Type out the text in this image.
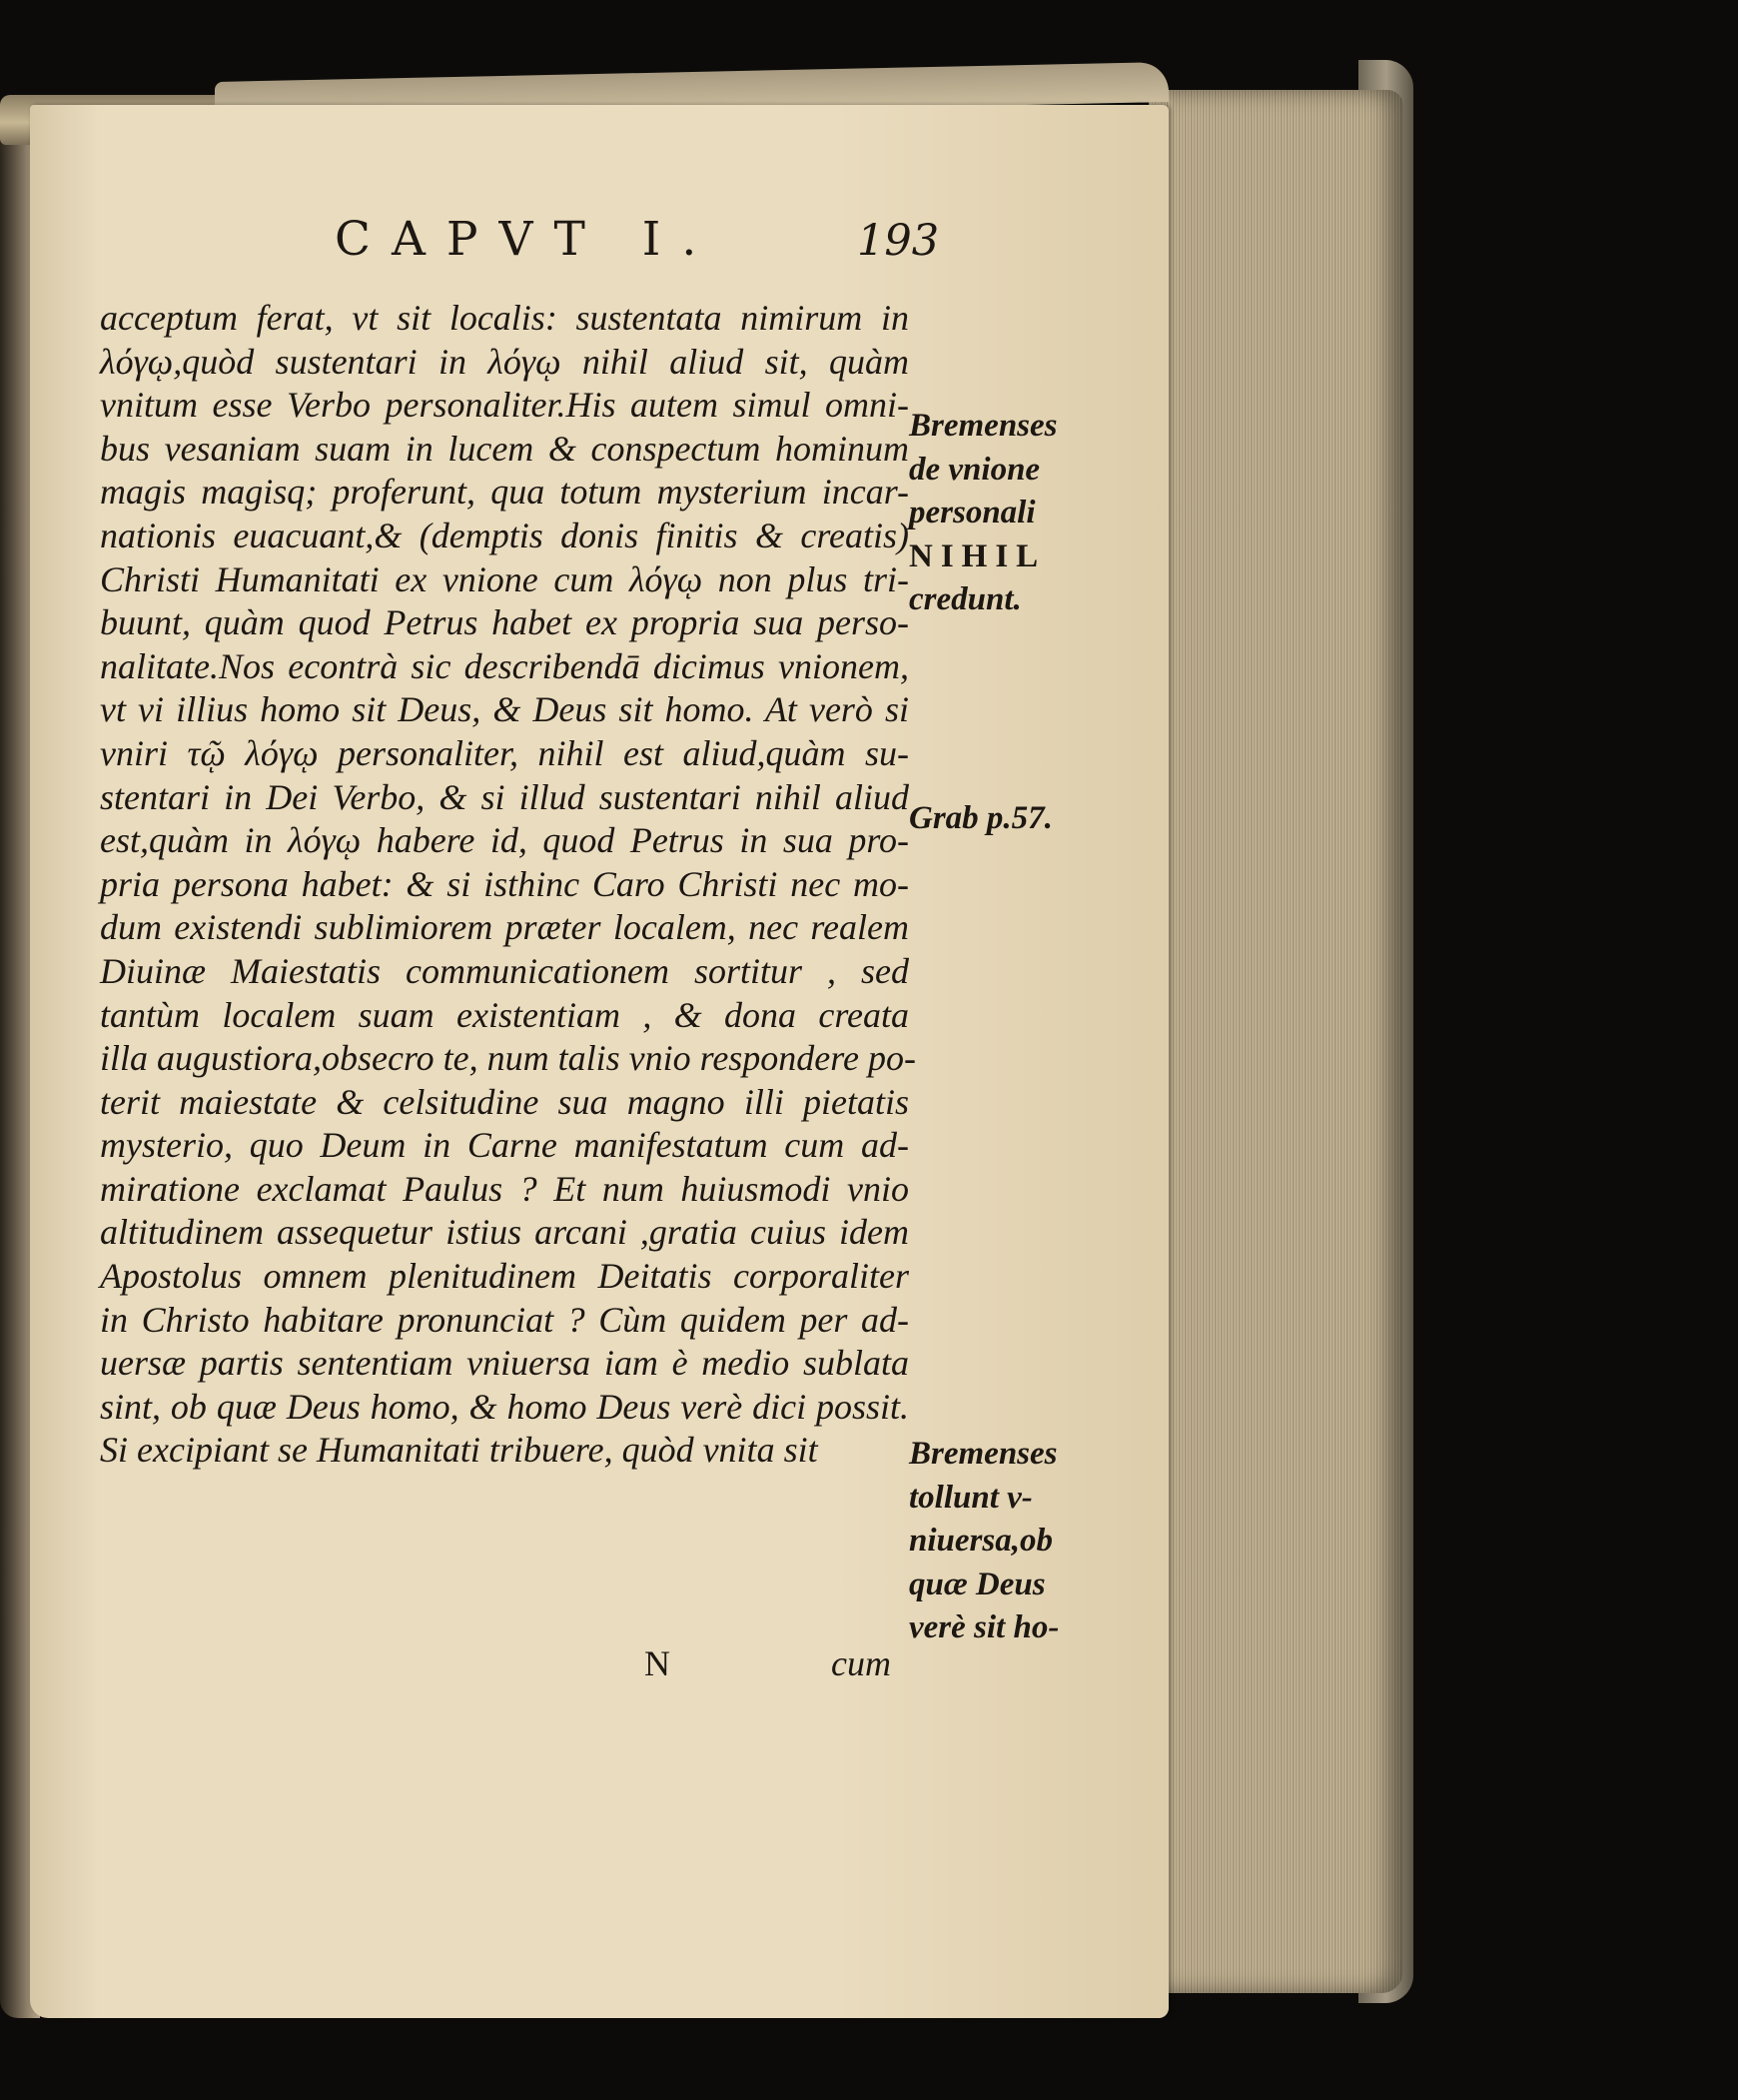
CAPVT I.	193
acceptum ferat, vt sit localis: sustentata nimirum in
λόγῳ,quòd sustentari in λόγῳ nihil aliud sit, quàm
vnitum esse Verbo personaliter.His autem simul omni-
bus vesaniam suam in lucem & conspectum hominum
magis magisq; proferunt, qua totum mysterium incar-
nationis euacuant,& (demptis donis finitis & creatis)
Christi Humanitati ex vnione cum λόγῳ non plus tri-
buunt, quàm quod Petrus habet ex propria sua perso-
nalitate.Nos econtrà sic describendā dicimus vnionem,
vt vi illius homo sit Deus, & Deus sit homo. At verò si
vniri τῷ λόγῳ personaliter, nihil est aliud,quàm su-
stentari in Dei Verbo, & si illud sustentari nihil aliud
est,quàm in λόγῳ habere id, quod Petrus in sua pro-
pria persona habet: & si isthinc Caro Christi nec mo-
dum existendi sublimiorem præter localem, nec realem
Diuinæ Maiestatis communicationem sortitur , sed
tantùm localem suam existentiam , & dona creata
illa augustiora,obsecro te, num talis vnio respondere po-
terit maiestate & celsitudine sua magno illi pietatis
mysterio, quo Deum in Carne manifestatum cum ad-
miratione exclamat Paulus ? Et num huiusmodi vnio
altitudinem assequetur istius arcani ,gratia cuius idem
Apostolus omnem plenitudinem Deitatis corporaliter
in Christo habitare pronunciat ? Cùm quidem per ad-
uersæ partis sententiam vniuersa iam è medio sublata
sint, ob quæ Deus homo, & homo Deus verè dici possit.
Si excipiant se Humanitati tribuere, quòd vnita sit
Bremenses
de vnione
personali
NIHIL
credunt.
Grab p.57.
Bremenses
tollunt v-
niuersa,ob
quæ Deus
verè sit ho-
N	cum
